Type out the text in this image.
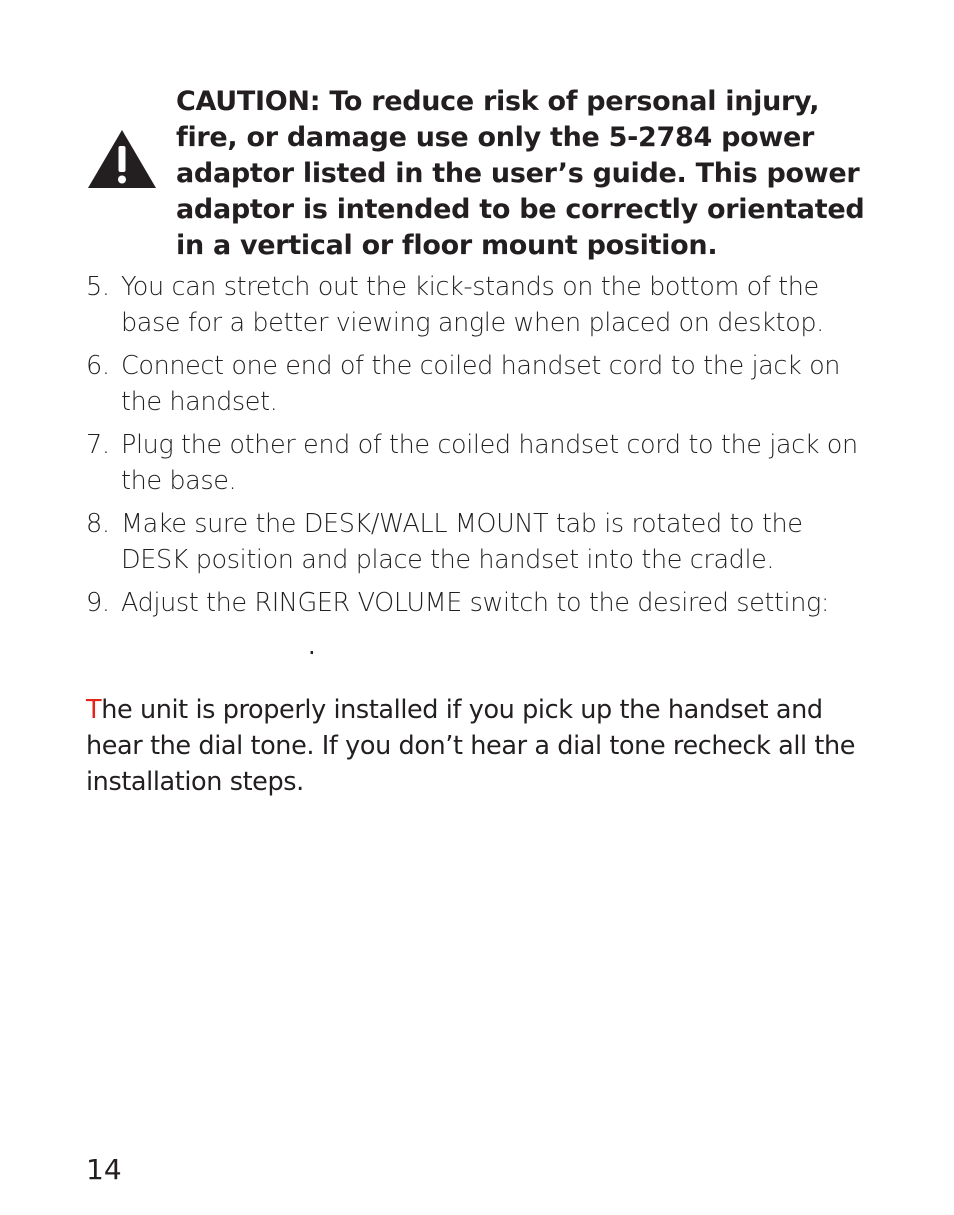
CAUTION: To reduce risk of personal injury, fire, or damage use only the 5-2784 power adaptor listed in the user’s guide. This power adaptor is intended to be correctly orientated in a vertical or floor mount position.
5. You can stretch out the kick-stands on the bottom of the base for a better viewing angle when placed on desktop.
6. Connect one end of the coiled handset cord to the jack on the handset.
7. Plug the other end of the coiled handset cord to the jack on the base.
8. Make sure the DESK/WALL MOUNT tab is rotated to the DESK position and place the handset into the cradle.
9. Adjust the RINGER VOLUME switch to the desired setting:
.

The unit is properly installed if you pick up the handset and hear the dial tone. If you don’t hear a dial tone recheck all the installation steps.

14
